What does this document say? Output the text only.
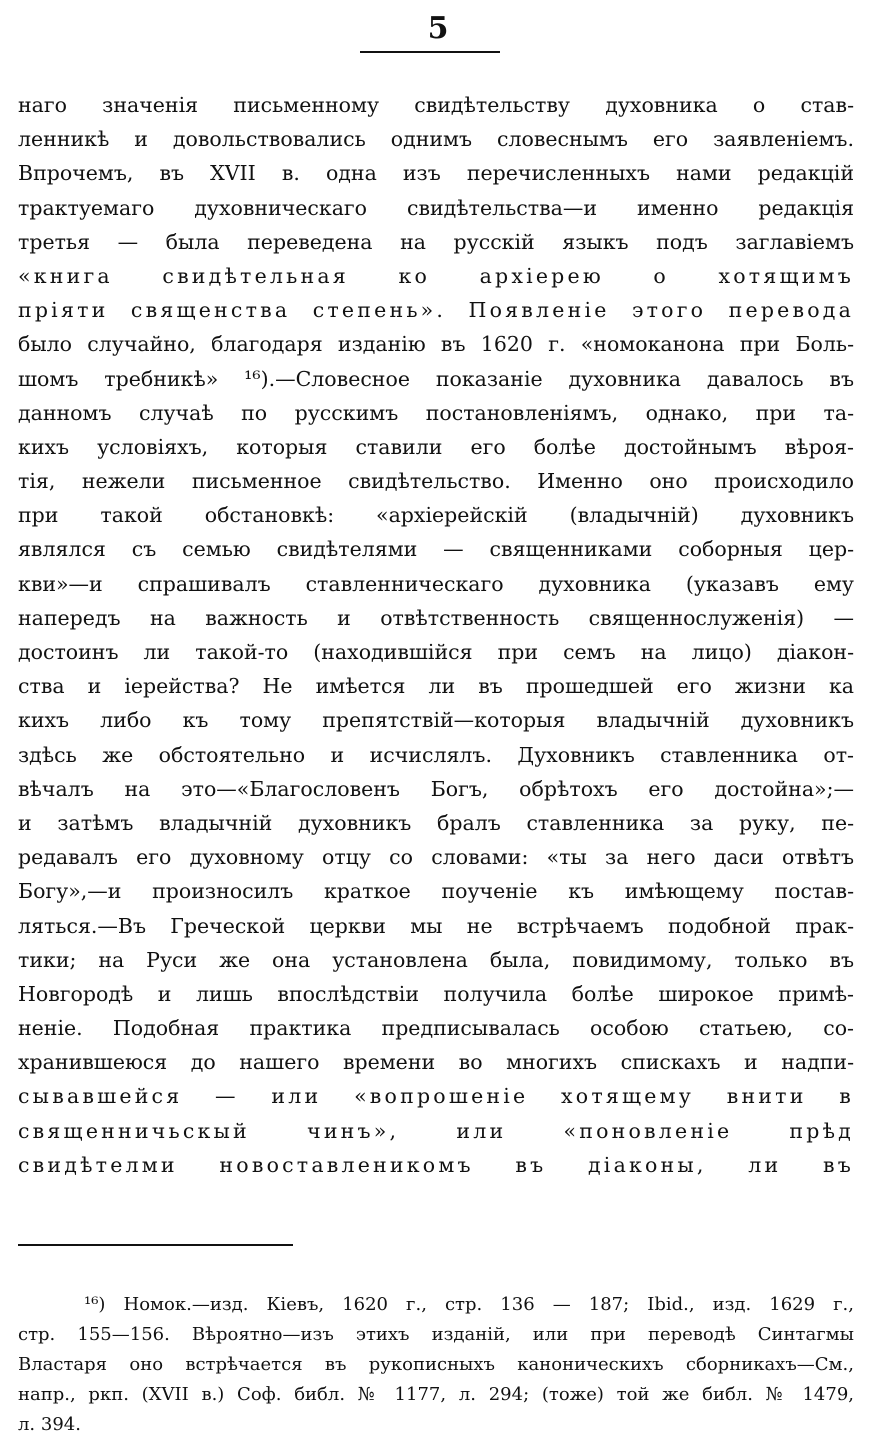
5
наго значенія письменному свидѣтельству духовника о став-
ленникѣ и довольствовались однимъ словеснымъ его заявленіемъ.
Впрочемъ, въ XVII в. одна изъ перечисленныхъ нами редакцій
трактуемаго духовническаго свидѣтельства—и именно редакція
третья — была переведена на русскій языкъ подъ заглавіемъ
«книга свидѣтельная ко архіерею о хотящимъ
пріяти священства степень». Появленіе этого перевода
было случайно, благодаря изданію въ 1620 г. «номоканона при Боль-
шомъ требникѣ» ¹⁶).—Словесное показаніе духовника давалось въ
данномъ случаѣ по русскимъ постановленіямъ, однако, при та-
кихъ условіяхъ, которыя ставили его болѣе достойнымъ вѣроя-
тія, нежели письменное свидѣтельство. Именно оно происходило
при такой обстановкѣ: «архіерейскій (владычній) духовникъ
являлся съ семью свидѣтелями — священниками соборныя цер-
кви»—и спрашивалъ ставленническаго духовника (указавъ ему
напередъ на важность и отвѣтственность священнослуженія) —
достоинъ ли такой-то (находившійся при семъ на лицо) діакон-
ства и іерейства? Не имѣется ли въ прошедшей его жизни ка
кихъ либо къ тому препятствій—которыя владычній духовникъ
здѣсь же обстоятельно и исчислялъ. Духовникъ ставленника от-
вѣчалъ на это—«Благословенъ Богъ, обрѣтохъ его достойна»;—
и затѣмъ владычній духовникъ бралъ ставленника за руку, пе-
редавалъ его духовному отцу со словами: «ты за него даси отвѣтъ
Богу»,—и произносилъ краткое поученіе къ имѣющему постав-
ляться.—Въ Греческой церкви мы не встрѣчаемъ подобной прак-
тики; на Руси же она установлена была, повидимому, только въ
Новгородѣ и лишь впослѣдствіи получила болѣе широкое примѣ-
неніе. Подобная практика предписывалась особою статьею, со-
хранившеюся до нашего времени во многихъ спискахъ и надпи-
сывавшейся — или «вопрошеніе хотящему внити в
священничьскый чинъ», или «поновленіе прѣд
свидѣтелми новоставленикомъ въ діаконы, ли въ
¹⁶) Номок.—изд. Кіевъ, 1620 г., стр. 136 — 187; Ibid., изд. 1629 г.,
стр. 155—156. Вѣроятно—изъ этихъ изданій, или при переводѣ Синтагмы
Властаря оно встрѣчается въ рукописныхъ каноническихъ сборникахъ—См.,
напр., ркп. (XVII в.) Соф. библ. № 1177, л. 294; (тоже) той же библ. № 1479,
л. 394.
